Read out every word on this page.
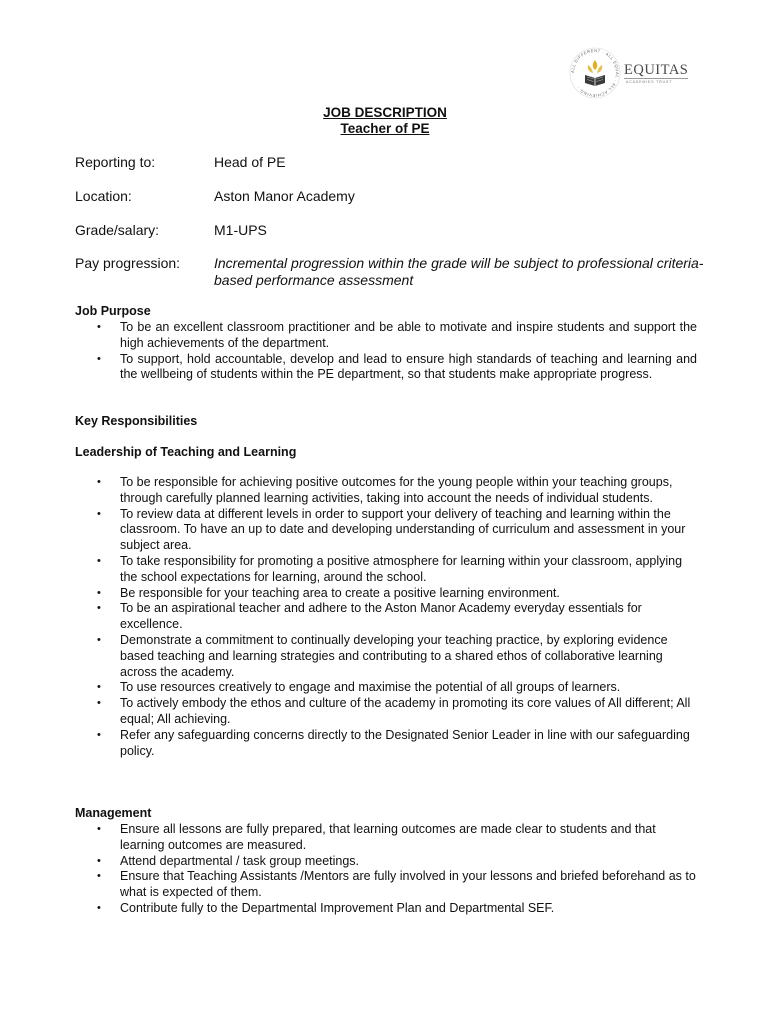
ALL DIFFERENT · ALL EQUAL · ALL ACHIEVING ·
EQUITAS
ACADEMIES TRUST
JOB DESCRIPTION
Teacher of PE
Reporting to:	Head of PE
Location:	Aston Manor Academy
Grade/salary:	M1-UPS
Pay progression: Incremental progression within the grade will be subject to professional criteria-based performance assessment
Job Purpose
• To be an excellent classroom practitioner and be able to motivate and inspire students and support the high achievements of the department.
• To support, hold accountable, develop and lead to ensure high standards of teaching and learning and the wellbeing of students within the PE department, so that students make appropriate progress.
Key Responsibilities
Leadership of Teaching and Learning
• To be responsible for achieving positive outcomes for the young people within your teaching groups, through carefully planned learning activities, taking into account the needs of individual students.
• To review data at different levels in order to support your delivery of teaching and learning within the classroom. To have an up to date and developing understanding of curriculum and assessment in your subject area.
• To take responsibility for promoting a positive atmosphere for learning within your classroom, applying the school expectations for learning, around the school.
• Be responsible for your teaching area to create a positive learning environment.
• To be an aspirational teacher and adhere to the Aston Manor Academy everyday essentials for excellence.
• Demonstrate a commitment to continually developing your teaching practice, by exploring evidence based teaching and learning strategies and contributing to a shared ethos of collaborative learning across the academy.
• To use resources creatively to engage and maximise the potential of all groups of learners.
• To actively embody the ethos and culture of the academy in promoting its core values of All different; All equal; All achieving.
• Refer any safeguarding concerns directly to the Designated Senior Leader in line with our safeguarding policy.
Management
• Ensure all lessons are fully prepared, that learning outcomes are made clear to students and that learning outcomes are measured.
• Attend departmental / task group meetings.
• Ensure that Teaching Assistants /Mentors are fully involved in your lessons and briefed beforehand as to what is expected of them.
• Contribute fully to the Departmental Improvement Plan and Departmental SEF.
